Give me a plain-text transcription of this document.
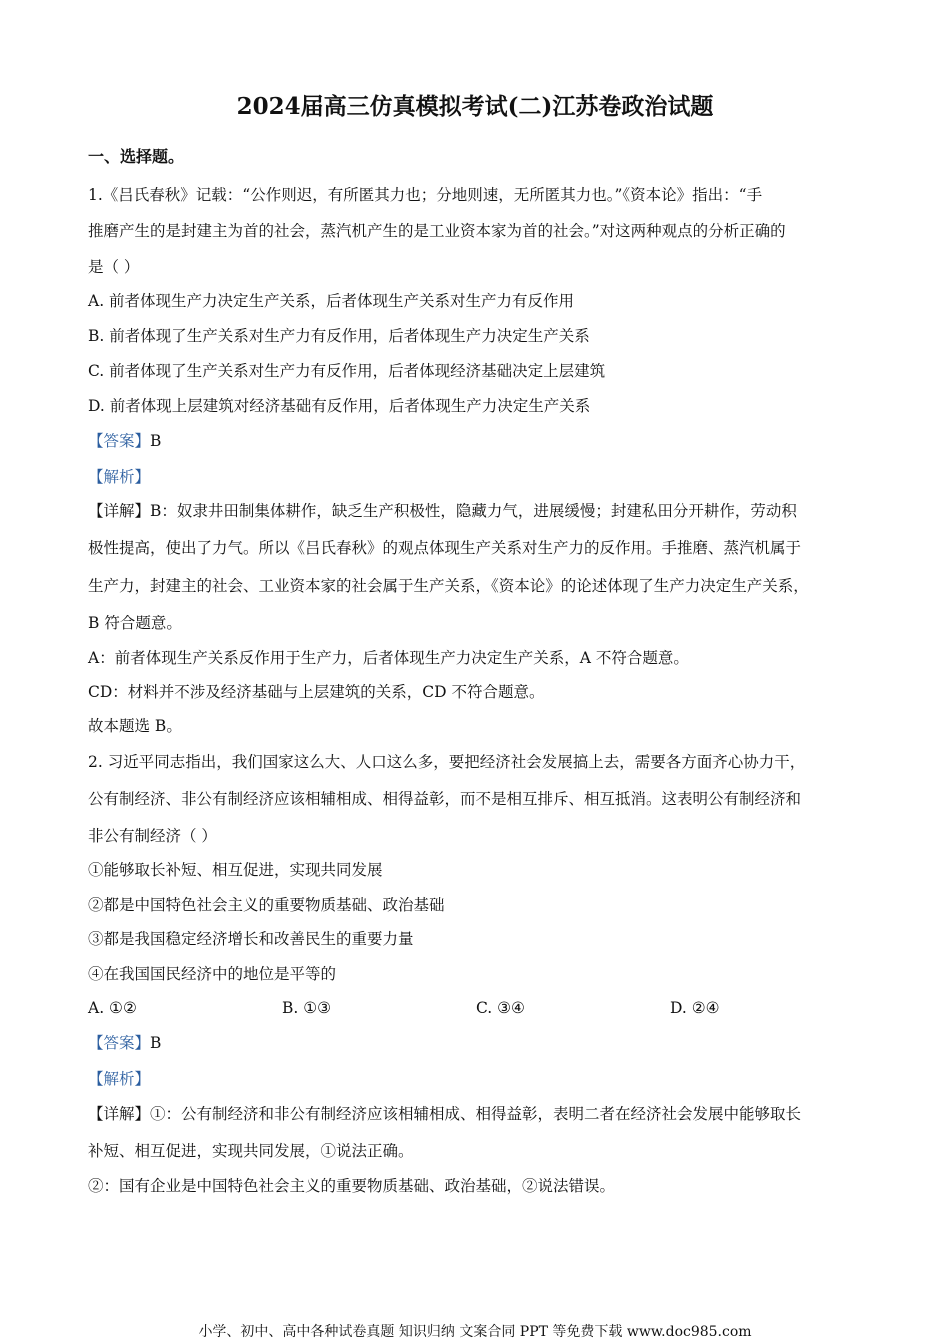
2024届高三仿真模拟考试(二)江苏卷政治试题
一、选择题。
1.《吕氏春秋》记载：“公作则迟，有所匿其力也；分地则速，无所匿其力也。”《资本论》指出：“手
推磨产生的是封建主为首的社会，蒸汽机产生的是工业资本家为首的社会。”对这两种观点的分析正确的
是（ ）
A. 前者体现生产力决定生产关系，后者体现生产关系对生产力有反作用
B. 前者体现了生产关系对生产力有反作用，后者体现生产力决定生产关系
C. 前者体现了生产关系对生产力有反作用，后者体现经济基础决定上层建筑
D. 前者体现上层建筑对经济基础有反作用，后者体现生产力决定生产关系
【答案】B
【解析】
【详解】B：奴隶井田制集体耕作，缺乏生产积极性，隐藏力气，进展缓慢；封建私田分开耕作，劳动积
极性提高，使出了力气。所以《吕氏春秋》的观点体现生产关系对生产力的反作用。手推磨、蒸汽机属于
生产力，封建主的社会、工业资本家的社会属于生产关系，《资本论》的论述体现了生产力决定生产关系，
B 符合题意。
A：前者体现生产关系反作用于生产力，后者体现生产力决定生产关系，A 不符合题意。
CD：材料并不涉及经济基础与上层建筑的关系，CD 不符合题意。
故本题选 B。
2. 习近平同志指出，我们国家这么大、人口这么多，要把经济社会发展搞上去，需要各方面齐心协力干，
公有制经济、非公有制经济应该相辅相成、相得益彰，而不是相互排斥、相互抵消。这表明公有制经济和
非公有制经济（ ）
①能够取长补短、相互促进，实现共同发展
②都是中国特色社会主义的重要物质基础、政治基础
③都是我国稳定经济增长和改善民生的重要力量
④在我国国民经济中的地位是平等的
A. ①②	B. ①③	C. ③④	D. ②④
【答案】B
【解析】
【详解】①：公有制经济和非公有制经济应该相辅相成、相得益彰，表明二者在经济社会发展中能够取长
补短、相互促进，实现共同发展，①说法正确。
②：国有企业是中国特色社会主义的重要物质基础、政治基础，②说法错误。
小学、初中、高中各种试卷真题 知识归纳 文案合同 PPT 等免费下载 www.doc985.com
